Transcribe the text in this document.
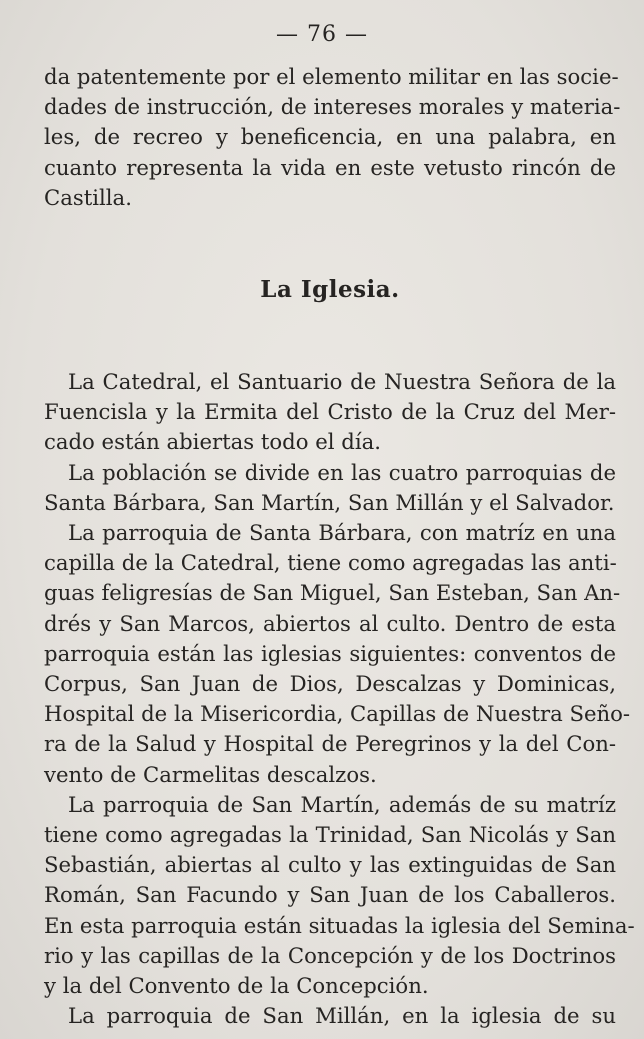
— 76 —

da patentemente por el elemento militar en las socie-
dades de instrucción, de intereses morales y materia-
les, de recreo y beneficencia, en una palabra, en
cuanto representa la vida en este vetusto rincón de
Castilla.

La Iglesia.

La Catedral, el Santuario de Nuestra Señora de la
Fuencisla y la Ermita del Cristo de la Cruz del Mer-
cado están abiertas todo el día.

La población se divide en las cuatro parroquias de
Santa Bárbara, San Martín, San Millán y el Salvador.

La parroquia de Santa Bárbara, con matríz en una
capilla de la Catedral, tiene como agregadas las anti-
guas feligresías de San Miguel, San Esteban, San An-
drés y San Marcos, abiertos al culto. Dentro de esta
parroquia están las iglesias siguientes: conventos de
Corpus, San Juan de Dios, Descalzas y Dominicas,
Hospital de la Misericordia, Capillas de Nuestra Seño-
ra de la Salud y Hospital de Peregrinos y la del Con-
vento de Carmelitas descalzos.

La parroquia de San Martín, además de su matríz
tiene como agregadas la Trinidad, San Nicolás y San
Sebastián, abiertas al culto y las extinguidas de San
Román, San Facundo y San Juan de los Caballeros.
En esta parroquia están situadas la iglesia del Semina-
rio y las capillas de la Concepción y de los Doctrinos
y la del Convento de la Concepción.

La parroquia de San Millán, en la iglesia de su
